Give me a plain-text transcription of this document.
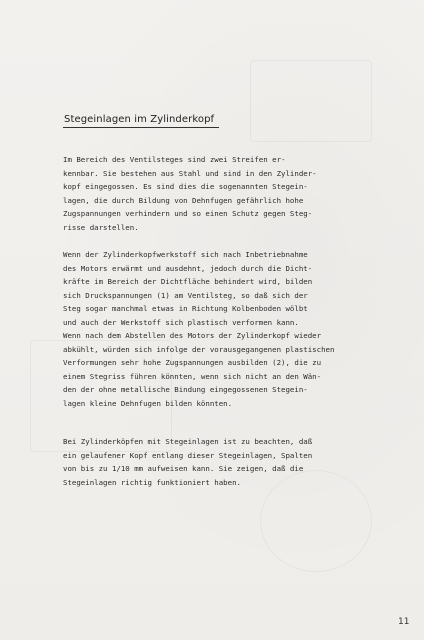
Stegeinlagen im Zylinderkopf
Im Bereich des Ventilsteges sind zwei Streifen er-
kennbar. Sie bestehen aus Stahl und sind in den Zylinder-
kopf eingegossen. Es sind dies die sogenannten Stegein-
lagen, die durch Bildung von Dehnfugen gefährlich hohe
Zugspannungen verhindern und so einen Schutz gegen Steg-
risse darstellen.
Wenn der Zylinderkopfwerkstoff sich nach Inbetriebnahme
des Motors erwärmt und ausdehnt, jedoch durch die Dicht-
kräfte im Bereich der Dichtfläche behindert wird, bilden
sich Druckspannungen (1) am Ventilsteg, so daß sich der
Steg sogar manchmal etwas in Richtung Kolbenboden wölbt
und auch der Werkstoff sich plastisch verformen kann.
Wenn nach dem Abstellen des Motors der Zylinderkopf wieder
abkühlt, würden sich infolge der vorausgegangenen plastischen
Verformungen sehr hohe Zugspannungen ausbilden (2), die zu
einem Stegriss führen könnten, wenn sich nicht an den Wän-
den der ohne metallische Bindung eingegossenen Stegein-
lagen kleine Dehnfugen bilden könnten.
Bei Zylinderköpfen mit Stegeinlagen ist zu beachten, daß
ein gelaufener Kopf entlang dieser Stegeinlagen, Spalten
von bis zu 1/10 mm aufweisen kann. Sie zeigen, daß die
Stegeinlagen richtig funktioniert haben.
11
